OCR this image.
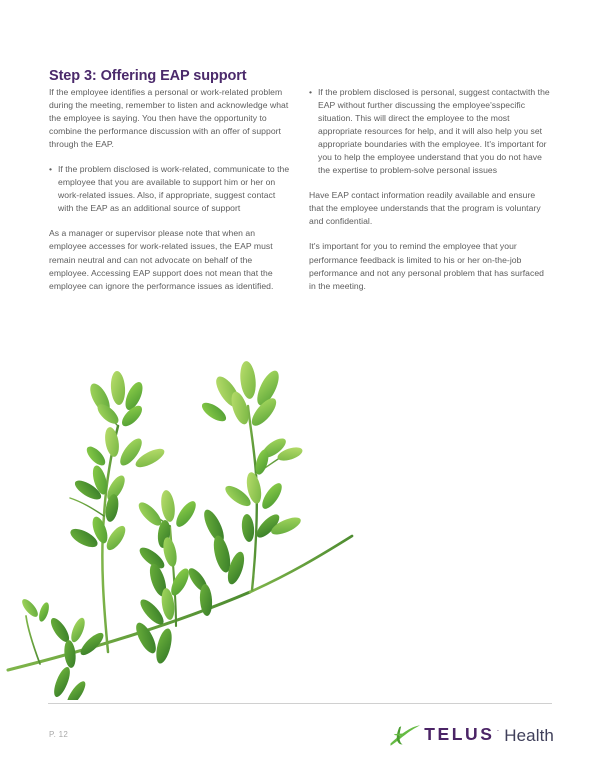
Step 3: Offering EAP support

If the employee identifies a personal or work-related problem during the meeting, remember to listen and acknowledge what the employee is saying. You then have the opportunity to combine the performance discussion with an offer of support through the EAP.

• If the problem disclosed is work-related, communicate to the employee that you are available to support him or her on work-related issues. Also, if appropriate, suggest contact with the EAP as an additional source of support

As a manager or supervisor please note that when an employee accesses for work-related issues, the EAP must remain neutral and can not advocate on behalf of the employee. Accessing EAP support does not mean that the employee can ignore the performance issues as identified.

• If the problem disclosed is personal, suggest contactwith the EAP without further discussing the employee'sspecific situation. This will direct the employee to the most appropriate resources for help, and it will also help you set appropriate boundaries with the employee. It's important for you to help the employee understand that you do not have the expertise to problem-solve personal issues

Have EAP contact information readily available and ensure that the employee understands that the program is voluntary and confidential.

It's important for you to remind the employee that your performance feedback is limited to his or her on-the-job performance and not any personal problem that has surfaced in the meeting.

P. 12	TELUS · Health
